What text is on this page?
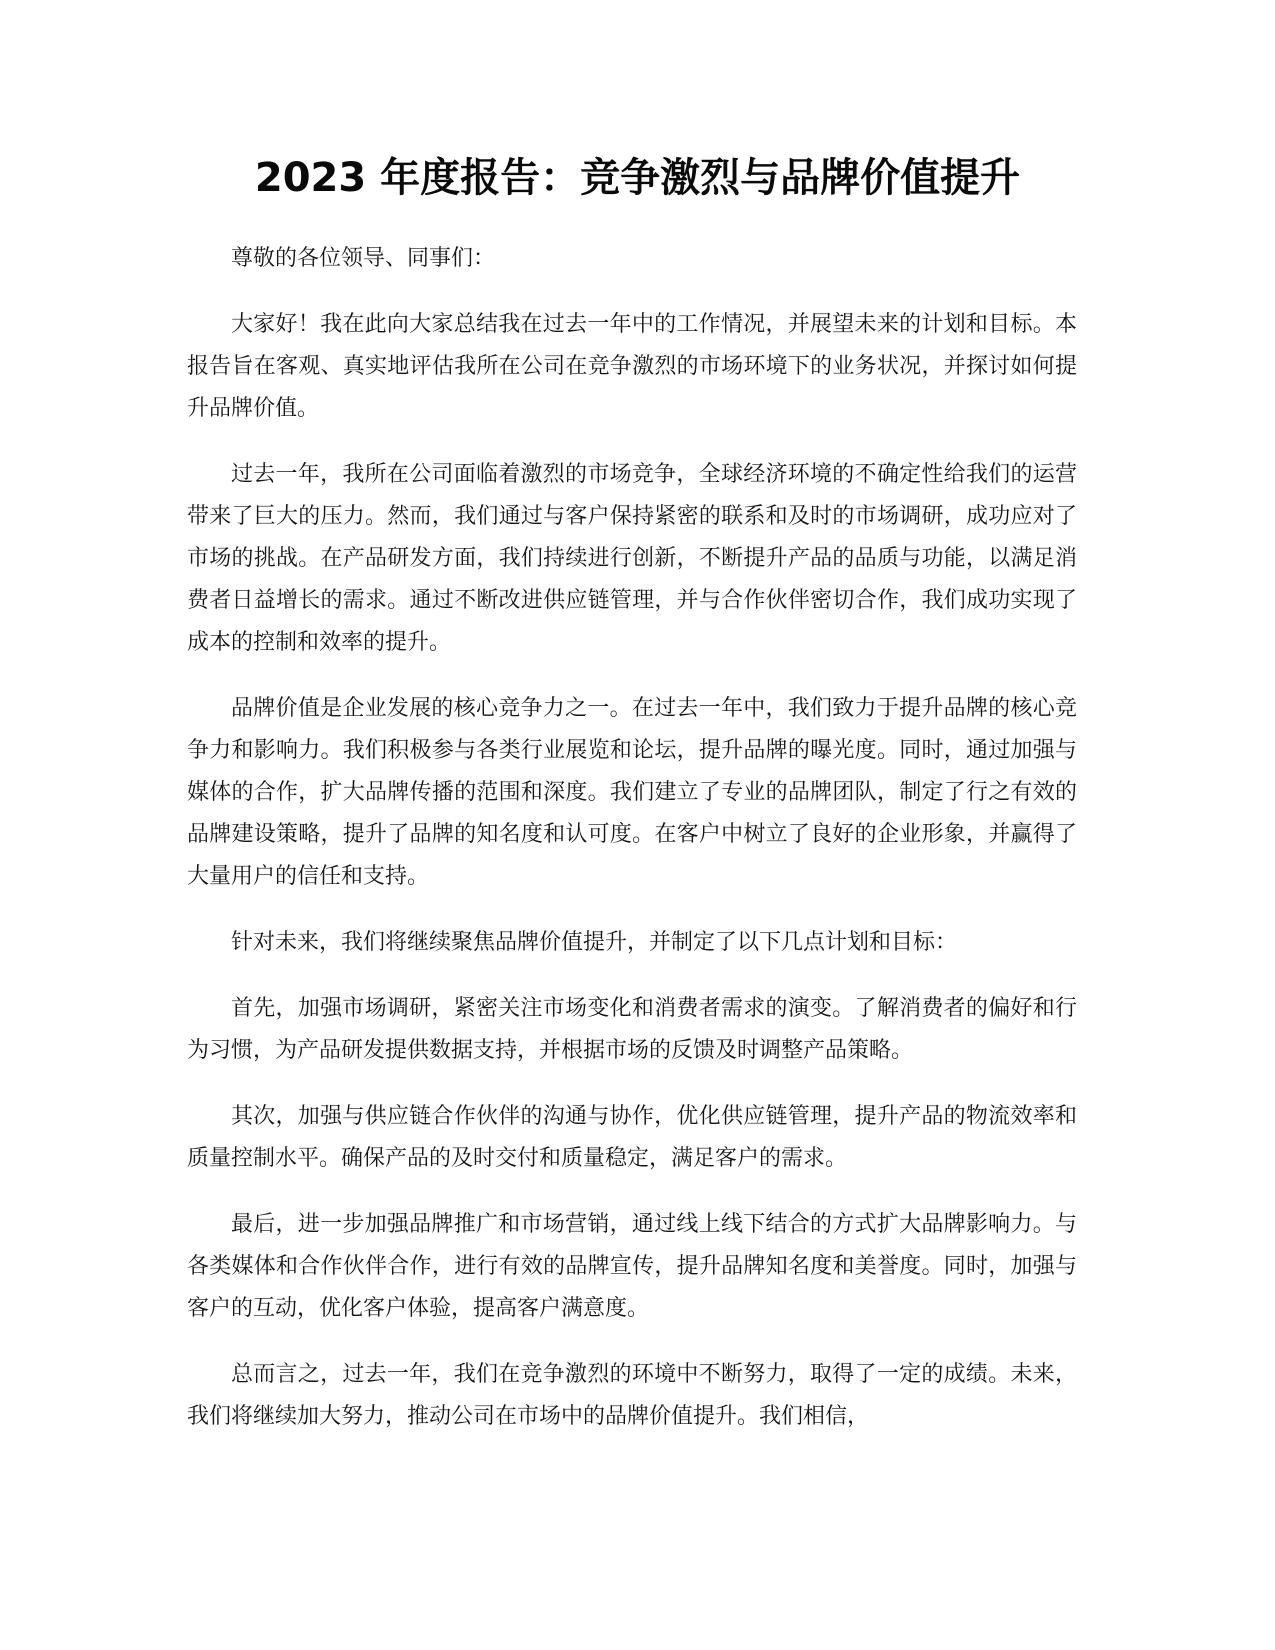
2023 年度报告：竞争激烈与品牌价值提升

尊敬的各位领导、同事们：

大家好！我在此向大家总结我在过去一年中的工作情况，并展望未来的计划和目标。本报告旨在客观、真实地评估我所在公司在竞争激烈的市场环境下的业务状况，并探讨如何提升品牌价值。

过去一年，我所在公司面临着激烈的市场竞争，全球经济环境的不确定性给我们的运营带来了巨大的压力。然而，我们通过与客户保持紧密的联系和及时的市场调研，成功应对了市场的挑战。在产品研发方面，我们持续进行创新，不断提升产品的品质与功能，以满足消费者日益增长的需求。通过不断改进供应链管理，并与合作伙伴密切合作，我们成功实现了成本的控制和效率的提升。

品牌价值是企业发展的核心竞争力之一。在过去一年中，我们致力于提升品牌的核心竞争力和影响力。我们积极参与各类行业展览和论坛，提升品牌的曝光度。同时，通过加强与媒体的合作，扩大品牌传播的范围和深度。我们建立了专业的品牌团队，制定了行之有效的品牌建设策略，提升了品牌的知名度和认可度。在客户中树立了良好的企业形象，并赢得了大量用户的信任和支持。

针对未来，我们将继续聚焦品牌价值提升，并制定了以下几点计划和目标：

首先，加强市场调研，紧密关注市场变化和消费者需求的演变。了解消费者的偏好和行为习惯，为产品研发提供数据支持，并根据市场的反馈及时调整产品策略。

其次，加强与供应链合作伙伴的沟通与协作，优化供应链管理，提升产品的物流效率和质量控制水平。确保产品的及时交付和质量稳定，满足客户的需求。

最后，进一步加强品牌推广和市场营销，通过线上线下结合的方式扩大品牌影响力。与各类媒体和合作伙伴合作，进行有效的品牌宣传，提升品牌知名度和美誉度。同时，加强与客户的互动，优化客户体验，提高客户满意度。

总而言之，过去一年，我们在竞争激烈的环境中不断努力，取得了一定的成绩。未来，我们将继续加大努力，推动公司在市场中的品牌价值提升。我们相信，
